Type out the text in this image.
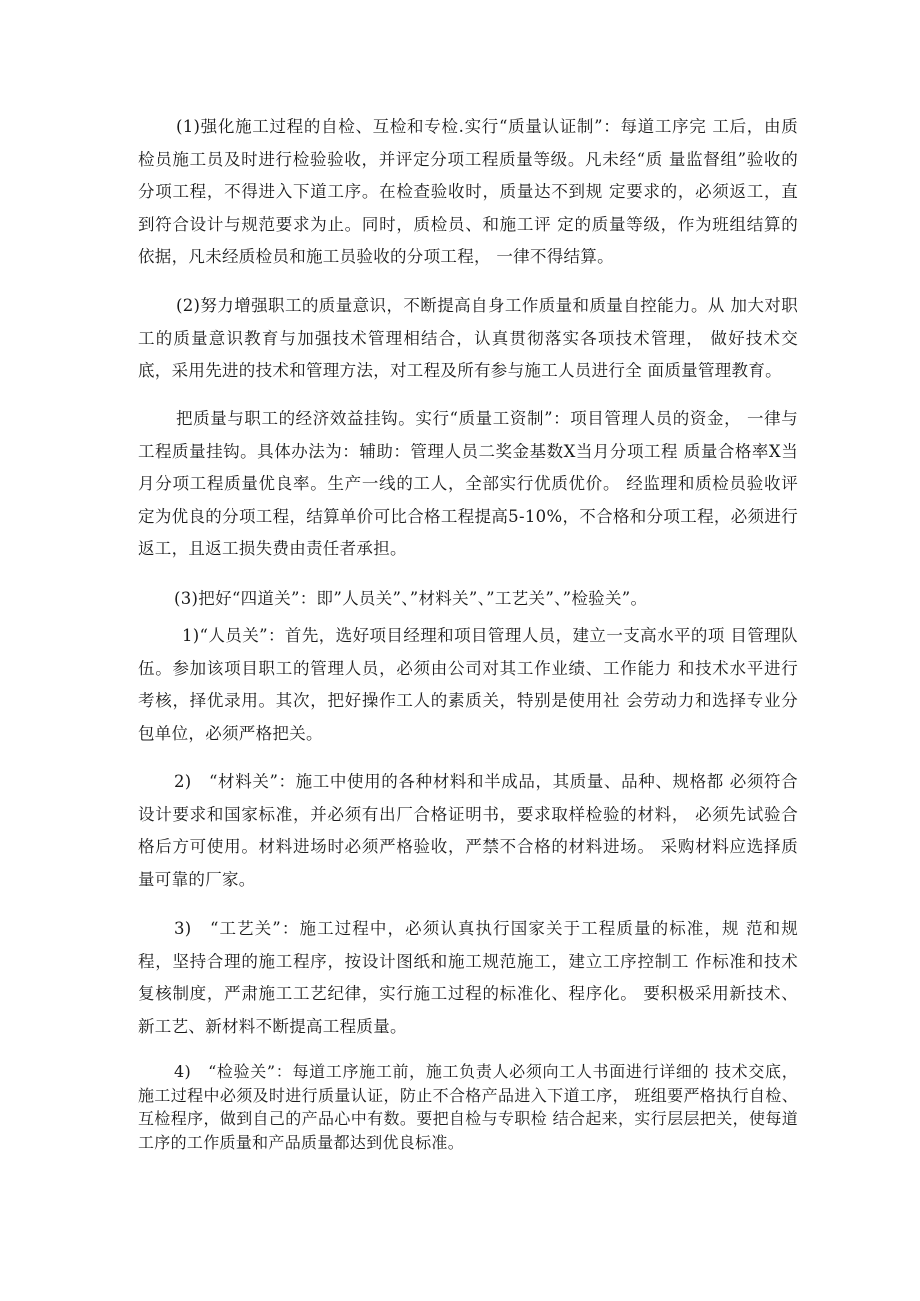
(1)强化施工过程的自检、互检和专检.实行“质量认证制”：每道工序完 工后，由质检员施工员及时进行检验验收，并评定分项工程质量等级。凡未经“质 量监督组”验收的分项工程，不得进入下道工序。在检查验收时，质量达不到规 定要求的，必须返工，直到符合设计与规范要求为止。同时，质检员、和施工评 定的质量等级，作为班组结算的依据，凡未经质检员和施工员验收的分项工程， 一律不得结算。

(2)努力增强职工的质量意识，不断提高自身工作质量和质量自控能力。从 加大对职工的质量意识教育与加强技术管理相结合，认真贯彻落实各项技术管理， 做好技术交底，采用先进的技术和管理方法，对工程及所有参与施工人员进行全 面质量管理教育。

把质量与职工的经济效益挂钩。实行“质量工资制”：项目管理人员的资金， 一律与工程质量挂钩。具体办法为：辅助：管理人员二奖金基数X当月分项工程 质量合格率X当月分项工程质量优良率。生产一线的工人，全部实行优质优价。 经监理和质检员验收评定为优良的分项工程，结算单价可比合格工程提高5-10%，不合格和分项工程，必须进行返工，且返工损失费由责任者承担。

(3)把好“四道关”：即”人员关”、”材料关”、”工艺关”、”检验关”。

1)“人员关”：首先，选好项目经理和项目管理人员，建立一支高水平的项 目管理队伍。参加该项目职工的管理人员，必须由公司对其工作业绩、工作能力 和技术水平进行考核，择优录用。其次，把好操作工人的素质关，特别是使用社 会劳动力和选择专业分包单位，必须严格把关。

2)　“材料关”：施工中使用的各种材料和半成品，其质量、品种、规格都 必须符合设计要求和国家标准，并必须有出厂合格证明书，要求取样检验的材料， 必须先试验合格后方可使用。材料进场时必须严格验收，严禁不合格的材料进场。 采购材料应选择质量可靠的厂家。

3)　“工艺关”：施工过程中，必须认真执行国家关于工程质量的标准，规 范和规程，坚持合理的施工程序，按设计图纸和施工规范施工，建立工序控制工 作标准和技术复核制度，严肃施工工艺纪律，实行施工过程的标准化、程序化。 要积极采用新技术、新工艺、新材料不断提高工程质量。

4)　“检验关”：每道工序施工前，施工负责人必须向工人书面进行详细的 技术交底，施工过程中必须及时进行质量认证，防止不合格产品进入下道工序， 班组要严格执行自检、互检程序，做到自己的产品心中有数。要把自检与专职检 结合起来，实行层层把关，使每道工序的工作质量和产品质量都达到优良标准。
